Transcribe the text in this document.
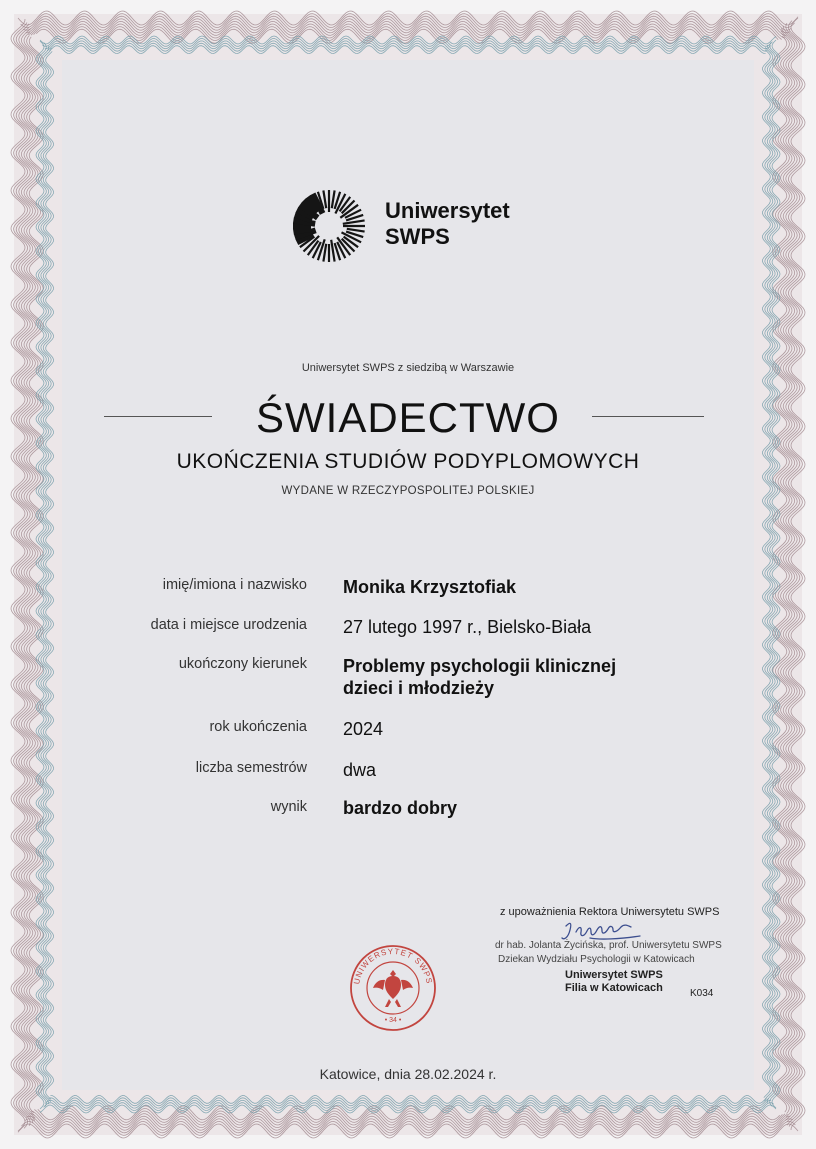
Uniwersytet
SWPS
Uniwersytet SWPS z siedzibą w Warszawie
ŚWIADECTWO
UKOŃCZENIA STUDIÓW PODYPLOMOWYCH
WYDANE W RZECZYPOSPOLITEJ POLSKIEJ
imię/imiona i nazwisko Monika Krzysztofiak
data i miejsce urodzenia 27 lutego 1997 r., Bielsko-Biała
ukończony kierunek Problemy psychologii klinicznej
dzieci i młodzieży
rok ukończenia 2024
liczba semestrów dwa
wynik bardzo dobry
UNIWERSYTET SWPS
• 34 •
z upoważnienia Rektora Uniwersytetu SWPS
dr hab. Jolanta Życińska, prof. Uniwersytetu SWPS
Dziekan Wydziału Psychologii w Katowicach
Uniwersytet SWPS
Filia w Katowicach	K034
Katowice, dnia 28.02.2024 r.
